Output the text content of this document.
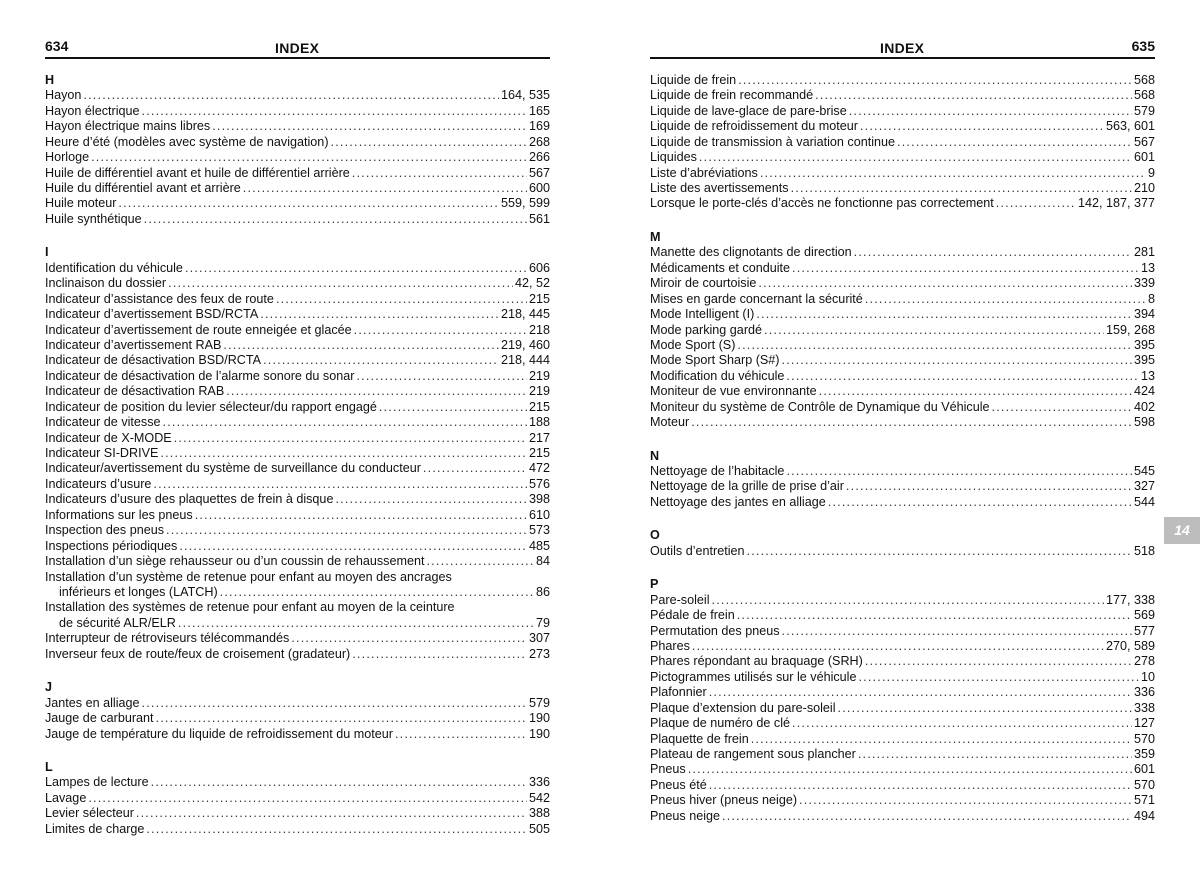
634	INDEX
H
Hayon .....	164, 535
Hayon électrique .....	165
Hayon électrique mains libres .....	169
Heure d’été (modèles avec système de navigation) .....	268
Horloge .....	266
Huile de différentiel avant et huile de différentiel arrière .....	567
Huile du différentiel avant et arrière .....	600
Huile moteur .....	559, 599
Huile synthétique .....	561
I
Identification du véhicule .....	606
Inclinaison du dossier .....	42, 52
Indicateur d’assistance des feux de route .....	215
Indicateur d’avertissement BSD/RCTA .....	218, 445
Indicateur d’avertissement de route enneigée et glacée .....	218
Indicateur d’avertissement RAB .....	219, 460
Indicateur de désactivation BSD/RCTA .....	218, 444
Indicateur de désactivation de l’alarme sonore du sonar .....	219
Indicateur de désactivation RAB .....	219
Indicateur de position du levier sélecteur/du rapport engagé .....	215
Indicateur de vitesse .....	188
Indicateur de X-MODE .....	217
Indicateur SI-DRIVE .....	215
Indicateur/avertissement du système de surveillance du conducteur .....	472
Indicateurs d’usure .....	576
Indicateurs d’usure des plaquettes de frein à disque .....	398
Informations sur les pneus .....	610
Inspection des pneus .....	573
Inspections périodiques .....	485
Installation d’un siège rehausseur ou d’un coussin de rehaussement .....	84
Installation d’un système de retenue pour enfant au moyen des ancrages
inférieurs et longes (LATCH) .....	86
Installation des systèmes de retenue pour enfant au moyen de la ceinture
de sécurité ALR/ELR .....	79
Interrupteur de rétroviseurs télécommandés .....	307
Inverseur feux de route/feux de croisement (gradateur) .....	273
J
Jantes en alliage .....	579
Jauge de carburant .....	190
Jauge de température du liquide de refroidissement du moteur .....	190
L
Lampes de lecture .....	336
Lavage .....	542
Levier sélecteur .....	388
Limites de charge .....	505
INDEX	635
Liquide de frein .....	568
Liquide de frein recommandé .....	568
Liquide de lave-glace de pare-brise .....	579
Liquide de refroidissement du moteur .....	563, 601
Liquide de transmission à variation continue .....	567
Liquides .....	601
Liste d’abréviations .....	9
Liste des avertissements .....	210
Lorsque le porte-clés d’accès ne fonctionne pas correctement .....	142, 187, 377
M
Manette des clignotants de direction .....	281
Médicaments et conduite .....	13
Miroir de courtoisie .....	339
Mises en garde concernant la sécurité .....	8
Mode Intelligent (I) .....	394
Mode parking gardé .....	159, 268
Mode Sport (S) .....	395
Mode Sport Sharp (S#) .....	395
Modification du véhicule .....	13
Moniteur de vue environnante .....	424
Moniteur du système de Contrôle de Dynamique du Véhicule .....	402
Moteur .....	598
N
Nettoyage de l’habitacle .....	545
Nettoyage de la grille de prise d’air .....	327
Nettoyage des jantes en alliage .....	544
O
Outils d’entretien .....	518
P
Pare-soleil .....	177, 338
Pédale de frein .....	569
Permutation des pneus .....	577
Phares .....	270, 589
Phares répondant au braquage (SRH) .....	278
Pictogrammes utilisés sur le véhicule .....	10
Plafonnier .....	336
Plaque d’extension du pare-soleil .....	338
Plaque de numéro de clé .....	127
Plaquette de frein .....	570
Plateau de rangement sous plancher .....	359
Pneus .....	601
Pneus été .....	570
Pneus hiver (pneus neige) .....	571
Pneus neige .....	494
14
